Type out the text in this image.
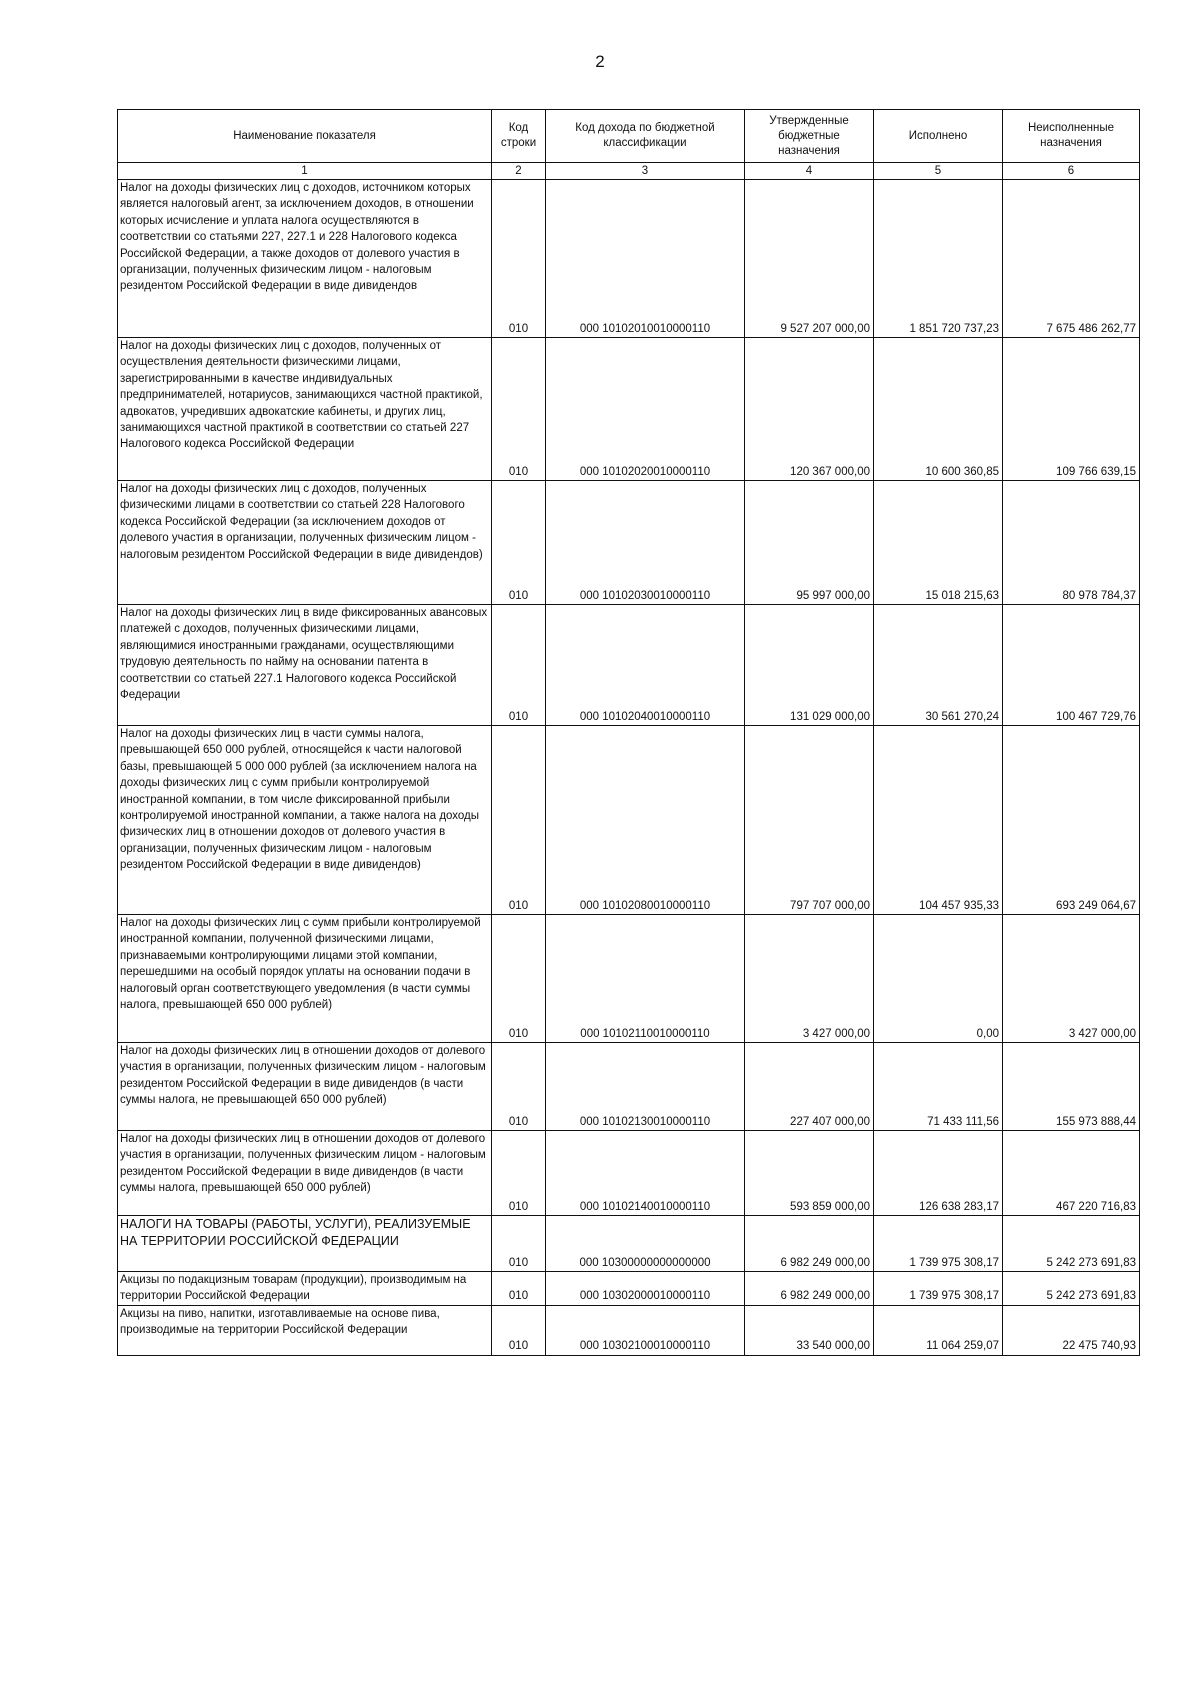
2
Наименование показателя	Код строки	Код дохода по бюджетной классификации	Утвержденные бюджетные назначения	Исполнено	Неисполненные назначения
1	2	3	4	5	6
Налог на доходы физических лиц с доходов, источником которых является налоговый агент, за исключением доходов, в отношении которых исчисление и уплата налога осуществляются в соответствии со статьями 227, 227.1 и 228 Налогового кодекса Российской Федерации, а также доходов от долевого участия в организации, полученных физическим лицом - налоговым резидентом Российской Федерации в виде дивидендов	010	000 10102010010000110	9 527 207 000,00	1 851 720 737,23	7 675 486 262,77
Налог на доходы физических лиц с доходов, полученных от осуществления деятельности физическими лицами, зарегистрированными в качестве индивидуальных предпринимателей, нотариусов, занимающихся частной практикой, адвокатов, учредивших адвокатские кабинеты, и других лиц, занимающихся частной практикой в соответствии со статьей 227 Налогового кодекса Российской Федерации	010	000 10102020010000110	120 367 000,00	10 600 360,85	109 766 639,15
Налог на доходы физических лиц с доходов, полученных физическими лицами в соответствии со статьей 228 Налогового кодекса Российской Федерации (за исключением доходов от долевого участия в организации, полученных физическим лицом - налоговым резидентом Российской Федерации в виде дивидендов)	010	000 10102030010000110	95 997 000,00	15 018 215,63	80 978 784,37
Налог на доходы физических лиц в виде фиксированных авансовых платежей с доходов, полученных физическими лицами, являющимися иностранными гражданами, осуществляющими трудовую деятельность по найму на основании патента в соответствии со статьей 227.1 Налогового кодекса Российской Федерации	010	000 10102040010000110	131 029 000,00	30 561 270,24	100 467 729,76
Налог на доходы физических лиц в части суммы налога, превышающей 650 000 рублей, относящейся к части налоговой базы, превышающей 5 000 000 рублей (за исключением налога на доходы физических лиц с сумм прибыли контролируемой иностранной компании, в том числе фиксированной прибыли контролируемой иностранной компании, а также налога на доходы физических лиц в отношении доходов от долевого участия в организации, полученных физическим лицом - налоговым резидентом Российской Федерации в виде дивидендов)	010	000 10102080010000110	797 707 000,00	104 457 935,33	693 249 064,67
Налог на доходы физических лиц с сумм прибыли контролируемой иностранной компании, полученной физическими лицами, признаваемыми контролирующими лицами этой компании, перешедшими на особый порядок уплаты на основании подачи в налоговый орган соответствующего уведомления (в части суммы налога, превышающей 650 000 рублей)	010	000 10102110010000110	3 427 000,00	0,00	3 427 000,00
Налог на доходы физических лиц в отношении доходов от долевого участия в организации, полученных физическим лицом - налоговым резидентом Российской Федерации в виде дивидендов (в части суммы налога, не превышающей 650 000 рублей)	010	000 10102130010000110	227 407 000,00	71 433 111,56	155 973 888,44
Налог на доходы физических лиц в отношении доходов от долевого участия в организации, полученных физическим лицом - налоговым резидентом Российской Федерации в виде дивидендов (в части суммы налога, превышающей 650 000 рублей)	010	000 10102140010000110	593 859 000,00	126 638 283,17	467 220 716,83
НАЛОГИ НА ТОВАРЫ (РАБОТЫ, УСЛУГИ), РЕАЛИЗУЕМЫЕ НА ТЕРРИТОРИИ РОССИЙСКОЙ ФЕДЕРАЦИИ	010	000 10300000000000000	6 982 249 000,00	1 739 975 308,17	5 242 273 691,83
Акцизы по подакцизным товарам (продукции), производимым на территории Российской Федерации	010	000 10302000010000110	6 982 249 000,00	1 739 975 308,17	5 242 273 691,83
Акцизы на пиво, напитки, изготавливаемые на основе пива, производимые на территории Российской Федерации	010	000 10302100010000110	33 540 000,00	11 064 259,07	22 475 740,93
